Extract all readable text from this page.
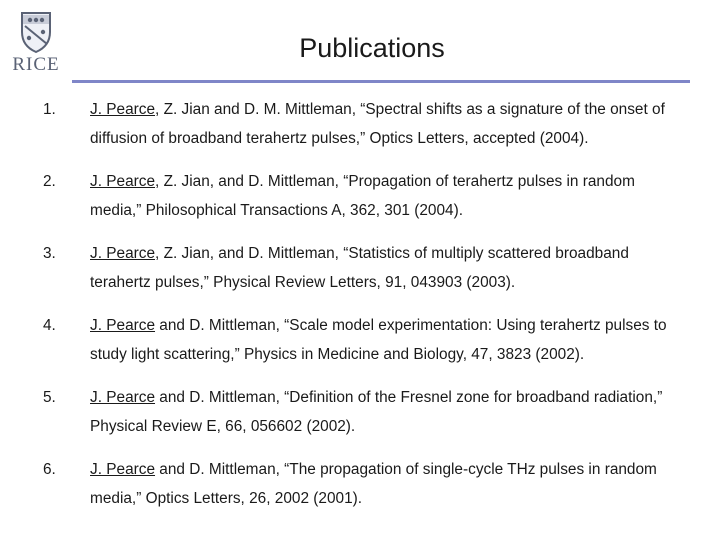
RICE
Publications
1. J. Pearce, Z. Jian and D. M. Mittleman, “Spectral shifts as a signature of the onset of diffusion of broadband terahertz pulses,” Optics Letters, accepted (2004).
2. J. Pearce, Z. Jian, and D. Mittleman, “Propagation of terahertz pulses in random media,” Philosophical Transactions A, 362, 301 (2004).
3. J. Pearce, Z. Jian, and D. Mittleman, “Statistics of multiply scattered broadband terahertz pulses,” Physical Review Letters, 91, 043903 (2003).
4. J. Pearce and D. Mittleman, “Scale model experimentation: Using terahertz pulses to study light scattering,” Physics in Medicine and Biology, 47, 3823 (2002).
5. J. Pearce and D. Mittleman, “Definition of the Fresnel zone for broadband radiation,” Physical Review E, 66, 056602 (2002).
6. J. Pearce and D. Mittleman, “The propagation of single-cycle THz pulses in random media,” Optics Letters, 26, 2002 (2001).
